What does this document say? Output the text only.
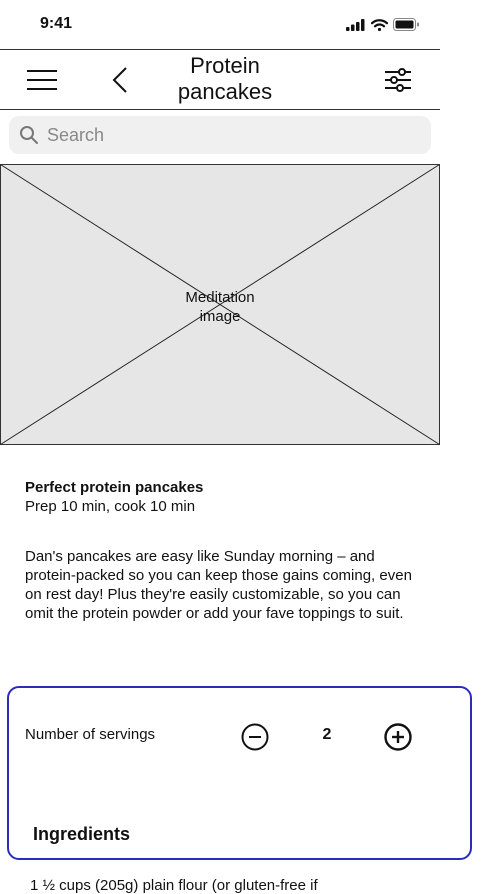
9:41
Protein
pancakes
Search
Meditation
image
Perfect protein pancakes
Prep 10 min, cook 10 min

Dan's pancakes are easy like Sunday morning – and protein-packed so you can keep those gains coming, even on rest day! Plus they're easily customizable, so you can omit the protein powder or add your fave toppings to suit.

Number of servings	2
Ingredients
1 ½ cups (205g) plain flour (or gluten-free if
